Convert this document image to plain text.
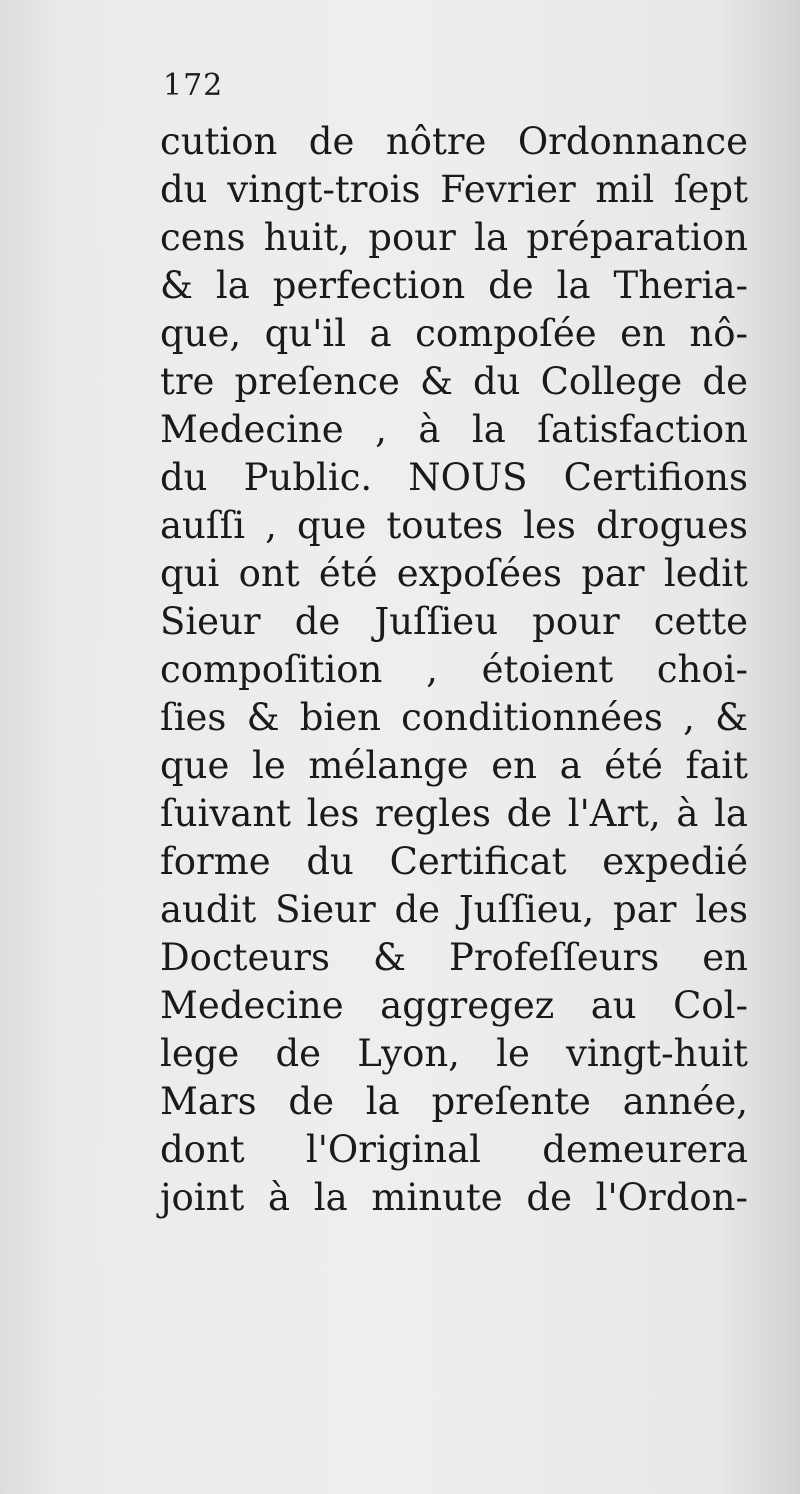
172
cution de nôtre Ordonnance
du vingt-trois Fevrier mil ſept
cens huit, pour la préparation
& la perfection de la Theria-
que, qu'il a compoſée en nô-
tre preſence & du College de
Medecine , à la ſatisfaction
du Public. NOUS Certifions
auſſi , que toutes les drogues
qui ont été expoſées par ledit
Sieur de Juſſieu pour cette
compoſition , étoient choi-
ſies & bien conditionnées , &
que le mélange en a été fait
ſuivant les regles de l'Art, à la
forme du Certificat expedié
audit Sieur de Juſſieu, par les
Docteurs & Profeſſeurs en
Medecine aggregez au Col-
lege de Lyon, le vingt-huit
Mars de la preſente année,
dont l'Original demeurera
joint à la minute de l'Ordon-
